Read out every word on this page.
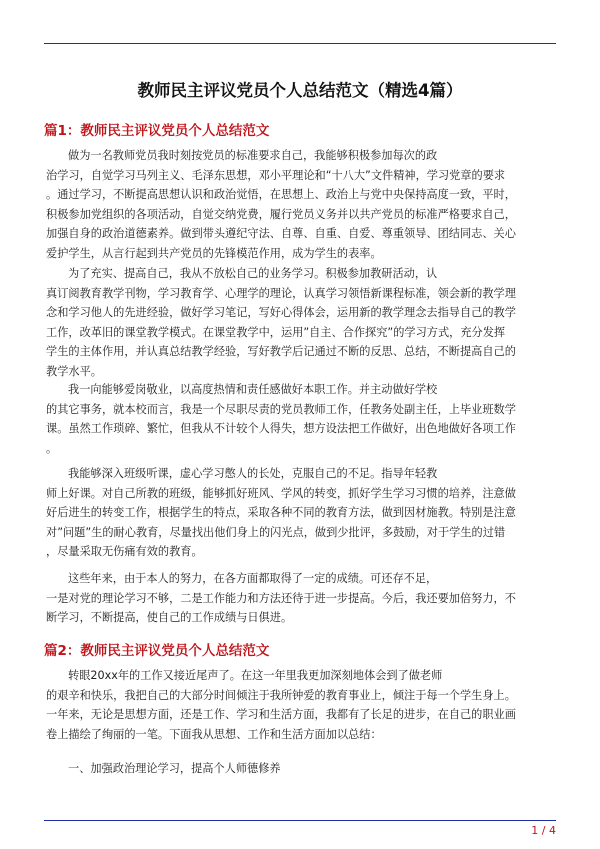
教师民主评议党员个人总结范文（精选4篇）
篇1：教师民主评议党员个人总结范文
做为一名教师党员我时刻按党员的标准要求自己，我能够积极参加每次的政
治学习，自觉学习马列主义、毛泽东思想，邓小平理论和“十八大”文件精神，学习党章的要求
。通过学习，不断提高思想认识和政治觉悟，在思想上、政治上与党中央保持高度一致，平时，
积极参加党组织的各项活动，自觉交纳党费，履行党员义务并以共产党员的标准严格要求自己，
加强自身的政治道德素养。做到带头遵纪守法、自尊、自重、自爱、尊重领导、团结同志、关心
爱护学生，从言行起到共产党员的先锋模范作用，成为学生的表率。
为了充实、提高自己，我从不放松自己的业务学习。积极参加教研活动，认
真订阅教育教学刊物，学习教育学、心理学的理论，认真学习领悟新课程标准，领会新的教学理
念和学习他人的先进经验，做好学习笔记，写好心得体会，运用新的教学理念去指导自己的教学
工作，改革旧的课堂教学模式。在课堂教学中，运用”自主、合作探究”的学习方式，充分发挥
学生的主体作用，并认真总结教学经验，写好教学后记通过不断的反思、总结，不断提高自己的
教学水平。
我一向能够爱岗敬业，以高度热情和责任感做好本职工作。并主动做好学校
的其它事务，就本校而言，我是一个尽职尽责的党员教师工作，任教务处副主任，上毕业班数学
课。虽然工作琐碎、繁忙，但我从不计较个人得失，想方设法把工作做好，出色地做好各项工作
。
我能够深入班级听课，虚心学习憋人的长处，克服自己的不足。指导年轻教
师上好课。对自己所教的班级，能够抓好班风、学风的转变，抓好学生学习习惯的培养，注意做
好后进生的转变工作，根据学生的特点，采取各种不同的教育方法，做到因材施教。特别是注意
对”问题”生的耐心教育，尽量找出他们身上的闪光点，做到少批评，多鼓励，对于学生的过错
，尽量采取无伤痛有效的教育。
这些年来，由于本人的努力，在各方面都取得了一定的成绩。可还存不足，
一是对党的理论学习不够，二是工作能力和方法还待于进一步提高。今后，我还要加倍努力，不
断学习，不断提高，使自己的工作成绩与日俱进。
篇2：教师民主评议党员个人总结范文
转眼20xx年的工作又接近尾声了。在这一年里我更加深刻地体会到了做老师
的艰辛和快乐，我把自己的大部分时间倾注于我所钟爱的教育事业上，倾注于每一个学生身上。
一年来，无论是思想方面，还是工作、学习和生活方面，我都有了长足的进步，在自己的职业画
卷上描绘了绚丽的一笔。下面我从思想、工作和生活方面加以总结：
一、加强政治理论学习，提高个人师德修养
1 / 4
